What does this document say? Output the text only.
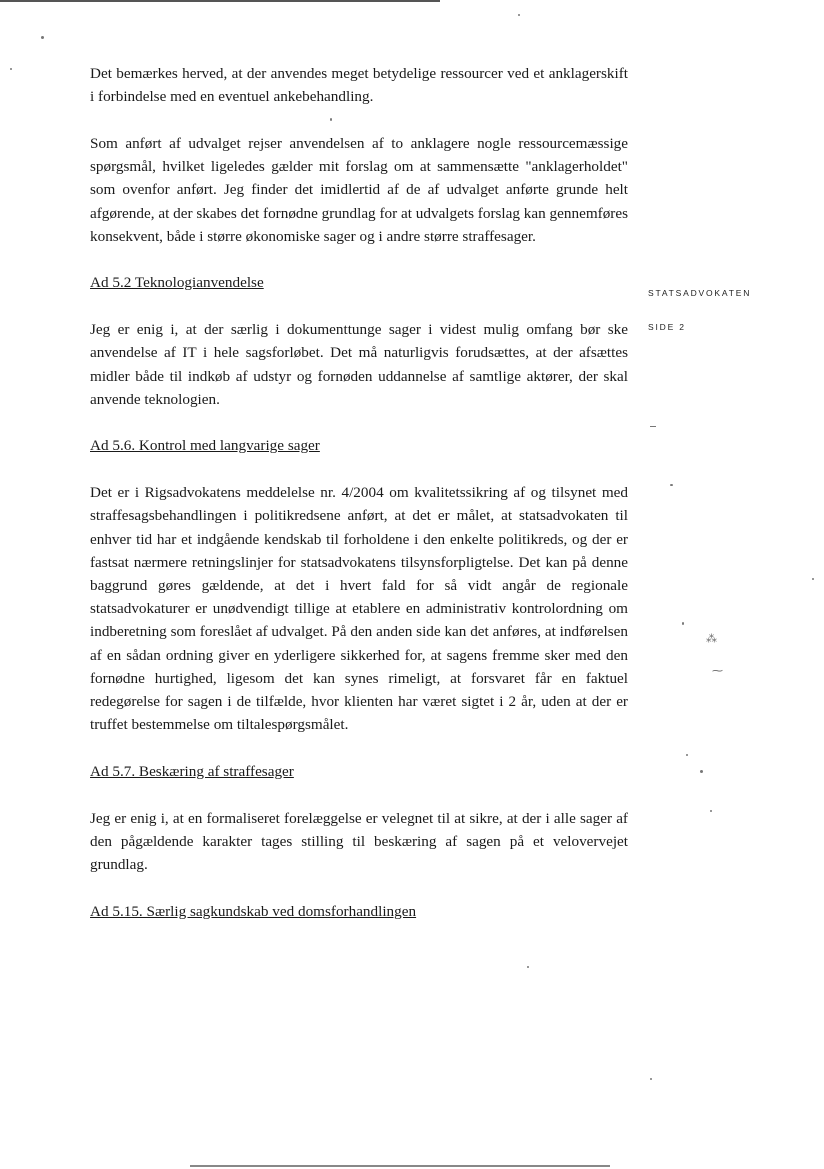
Det bemærkes herved, at der anvendes meget betydelige ressourcer ved et anklagerskift i forbindelse med en eventuel ankebehandling.

Som anført af udvalget rejser anvendelsen af to anklagere nogle ressourcemæssige spørgsmål, hvilket ligeledes gælder mit forslag om at sammensætte "anklagerholdet" som ovenfor anført. Jeg finder det imidlertid af de af udvalget anførte grunde helt afgørende, at der skabes det fornødne grundlag for at udvalgets forslag kan gennemføres konsekvent, både i større økonomiske sager og i andre større straffesager.

Ad 5.2 Teknologianvendelse

Jeg er enig i, at der særlig i dokumenttunge sager i videst mulig omfang bør ske anvendelse af IT i hele sagsforløbet. Det må naturligvis forudsættes, at der afsættes midler både til indkøb af udstyr og fornøden uddannelse af samtlige aktører, der skal anvende teknologien.

Ad 5.6. Kontrol med langvarige sager

Det er i Rigsadvokatens meddelelse nr. 4/2004 om kvalitetssikring af og tilsynet med straffesagsbehandlingen i politikredsene anført, at det er målet, at statsadvokaten til enhver tid har et indgående kendskab til forholdene i den enkelte politikreds, og der er fastsat nærmere retningslinjer for statsadvokatens tilsynsforpligtelse. Det kan på denne baggrund gøres gældende, at det i hvert fald for så vidt angår de regionale statsadvokaturer er unødvendigt tillige at etablere en administrativ kontrolordning om indberetning som foreslået af udvalget. På den anden side kan det anføres, at indførelsen af en sådan ordning giver en yderligere sikkerhed for, at sagens fremme sker med den fornødne hurtighed, ligesom det kan synes rimeligt, at forsvaret får en faktuel redegørelse for sagen i de tilfælde, hvor klienten har været sigtet i 2 år, uden at der er truffet bestemmelse om tiltalespørgsmålet.

Ad 5.7. Beskæring af straffesager

Jeg er enig i, at en formaliseret forelæggelse er velegnet til at sikre, at der i alle sager af den pågældende karakter tages stilling til beskæring af sagen på et velovervejet grundlag.

Ad 5.15. Særlig sagkundskab ved domsforhandlingen
STATSADVOKATEN
SIDE 2
⁂
⁓
